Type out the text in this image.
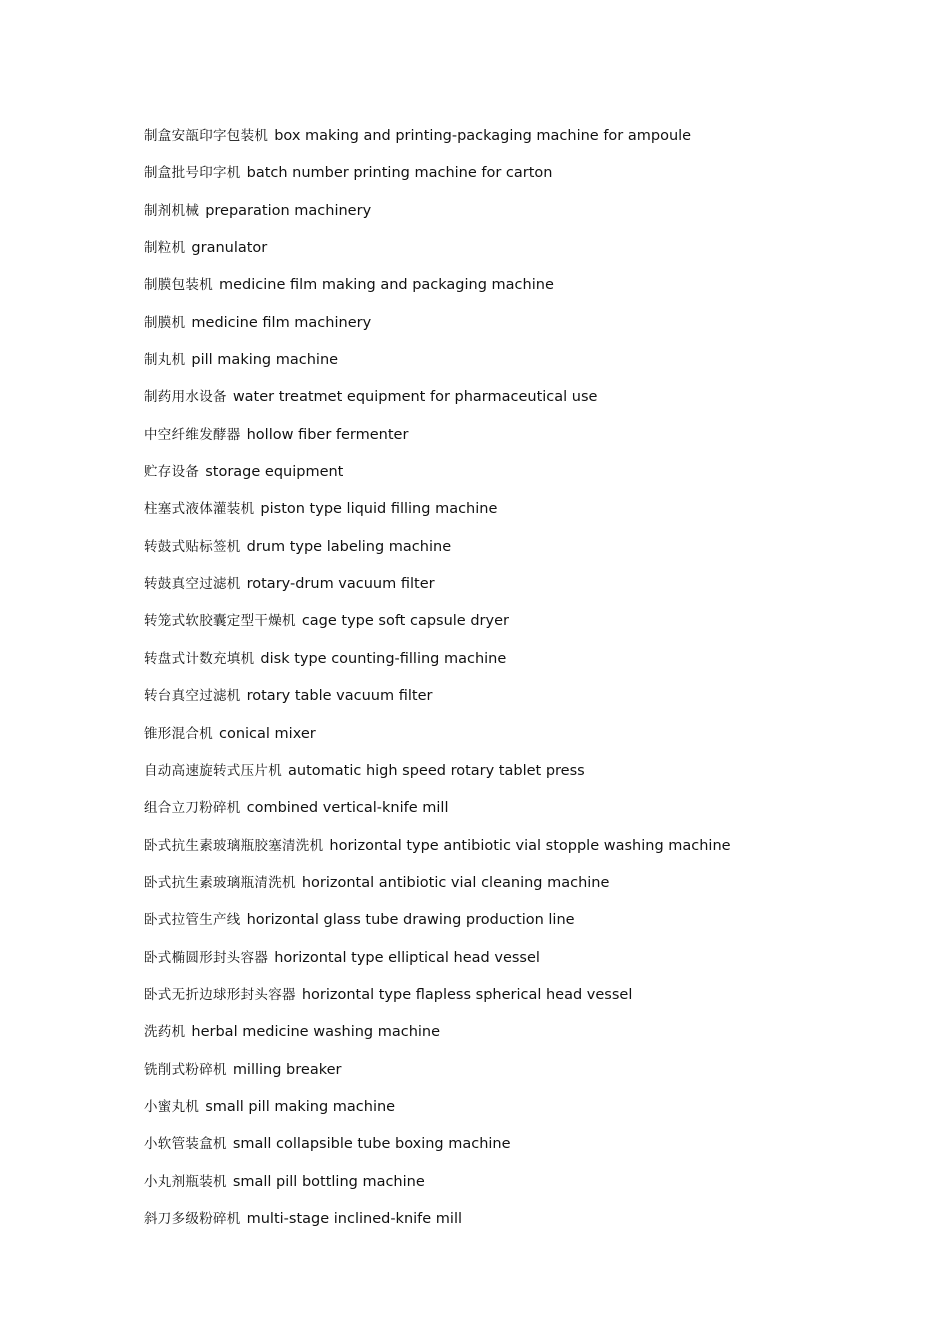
制盒安瓿印字包装机 box making and printing-packaging machine for ampoule
制盒批号印字机 batch number printing machine for carton
制剂机械 preparation machinery
制粒机 granulator
制膜包装机 medicine film making and packaging machine
制膜机 medicine film machinery
制丸机 pill making machine
制药用水设备 water treatmet equipment for pharmaceutical use
中空纤维发酵器 hollow fiber fermenter
贮存设备 storage equipment
柱塞式液体灌装机 piston type liquid filling machine
转鼓式贴标签机 drum type labeling machine
转鼓真空过滤机 rotary-drum vacuum filter
转笼式软胶囊定型干燥机 cage type soft capsule dryer
转盘式计数充填机 disk type counting-filling machine
转台真空过滤机 rotary table vacuum filter
锥形混合机 conical mixer
自动高速旋转式压片机 automatic high speed rotary tablet press
组合立刀粉碎机 combined vertical-knife mill
卧式抗生素玻璃瓶胶塞清洗机 horizontal type antibiotic vial stopple washing machine
卧式抗生素玻璃瓶清洗机 horizontal antibiotic vial cleaning machine
卧式拉管生产线 horizontal glass tube drawing production line
卧式椭圆形封头容器 horizontal type elliptical head vessel
卧式无折边球形封头容器 horizontal type flapless spherical head vessel
洗药机 herbal medicine washing machine
铣削式粉碎机 milling breaker
小蜜丸机 small pill making machine
小软管装盒机 small collapsible tube boxing machine
小丸剂瓶装机 small pill bottling machine
斜刀多级粉碎机 multi-stage inclined-knife mill
